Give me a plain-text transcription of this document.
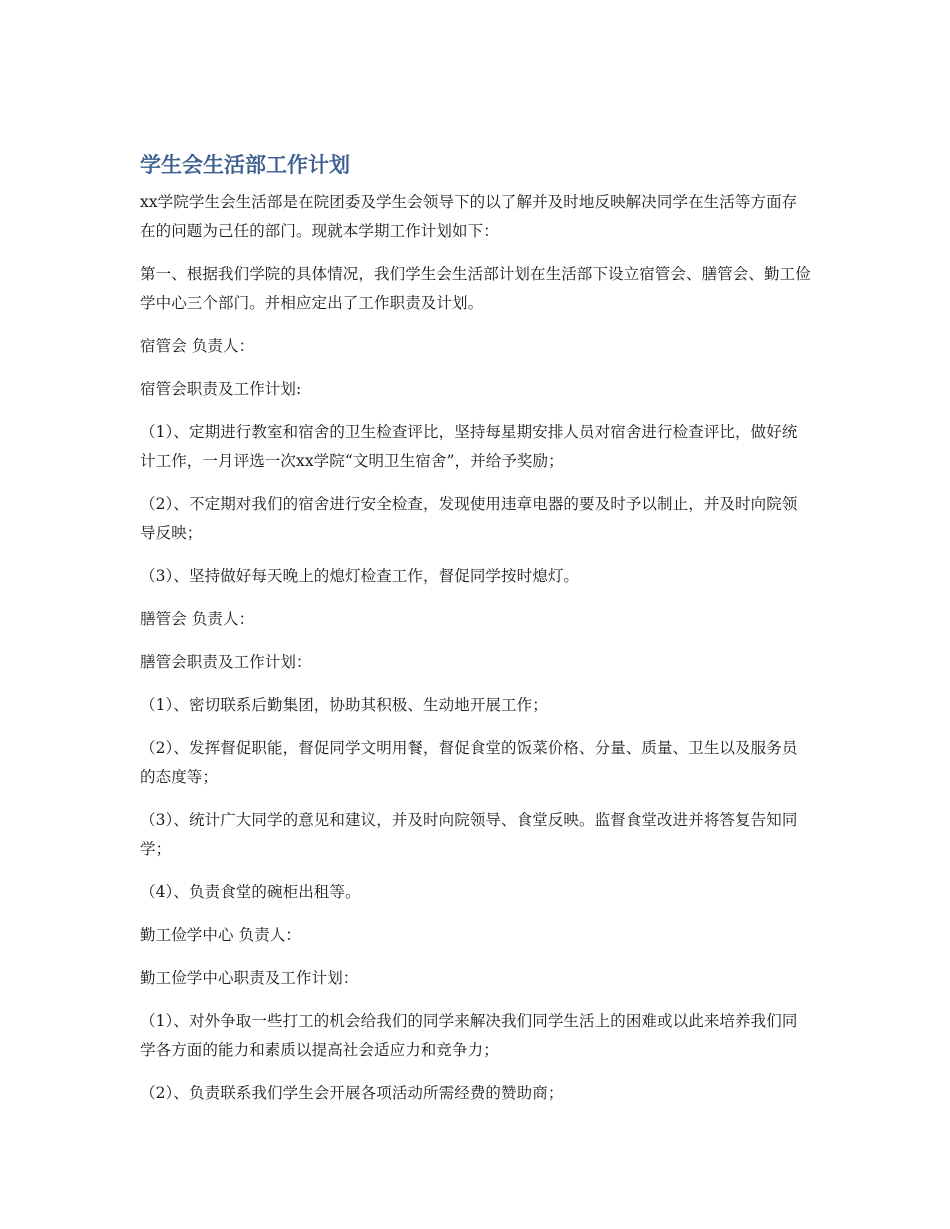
学生会生活部工作计划

xx学院学生会生活部是在院团委及学生会领导下的以了解并及时地反映解决同学在生活等方面存在的问题为己任的部门。现就本学期工作计划如下：

第一、根据我们学院的具体情况，我们学生会生活部计划在生活部下设立宿管会、膳管会、勤工俭学中心三个部门。并相应定出了工作职责及计划。

宿管会 负责人：

宿管会职责及工作计划:

（1）、定期进行教室和宿舍的卫生检查评比，坚持每星期安排人员对宿舍进行检查评比，做好统计工作，一月评选一次xx学院“文明卫生宿舍”，并给予奖励；

（2）、不定期对我们的宿舍进行安全检查，发现使用违章电器的要及时予以制止，并及时向院领导反映；

（3）、坚持做好每天晚上的熄灯检查工作，督促同学按时熄灯。

膳管会 负责人：

膳管会职责及工作计划：

（1）、密切联系后勤集团，协助其积极、生动地开展工作；

（2）、发挥督促职能，督促同学文明用餐，督促食堂的饭菜价格、分量、质量、卫生以及服务员的态度等；

（3）、统计广大同学的意见和建议，并及时向院领导、食堂反映。监督食堂改进并将答复告知同学；

（4）、负责食堂的碗柜出租等。

勤工俭学中心 负责人：

勤工俭学中心职责及工作计划：

（1）、对外争取一些打工的机会给我们的同学来解决我们同学生活上的困难或以此来培养我们同学各方面的能力和素质以提高社会适应力和竞争力；

（2）、负责联系我们学生会开展各项活动所需经费的赞助商；
